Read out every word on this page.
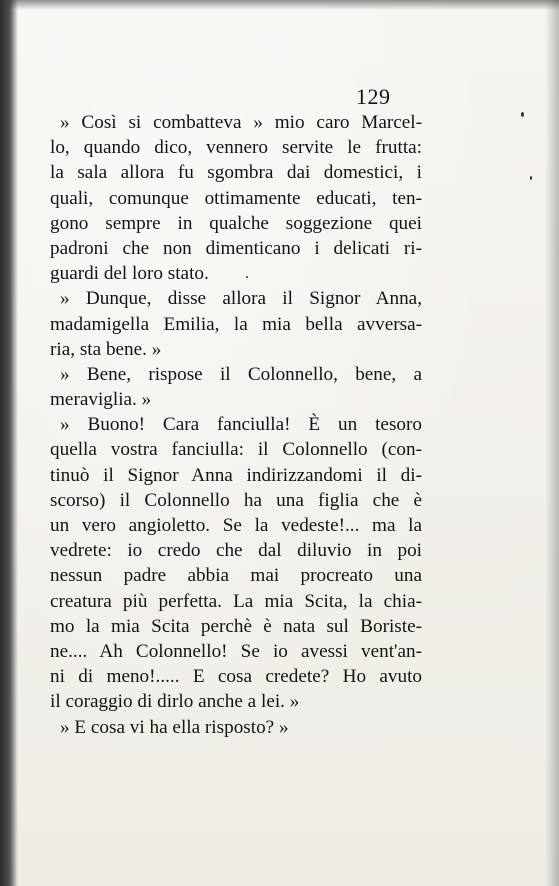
129
» Così si combatteva » mio caro Marcel-
lo, quando dico, vennero servite le frutta:
la sala allora fu sgombra dai domestici, i
quali, comunque ottimamente educati, ten-
gono sempre in qualche soggezione quei
padroni che non dimenticano i delicati ri-
guardi del loro stato.
» Dunque, disse allora il Signor Anna,
madamigella Emilia, la mia bella avversa-
ria, sta bene. »
» Bene, rispose il Colonnello, bene, a
meraviglia. »
» Buono! Cara fanciulla! È un tesoro
quella vostra fanciulla: il Colonnello (con-
tinuò il Signor Anna indirizzandomi il di-
scorso) il Colonnello ha una figlia che è
un vero angioletto. Se la vedeste!... ma la
vedrete: io credo che dal diluvio in poi
nessun padre abbia mai procreato una
creatura più perfetta. La mia Scita, la chia-
mo la mia Scita perchè è nata sul Boriste-
ne.... Ah Colonnello! Se io avessi vent'an-
ni di meno!..... E cosa credete? Ho avuto
il coraggio di dirlo anche a lei. »
» E cosa vi ha ella risposto? »
